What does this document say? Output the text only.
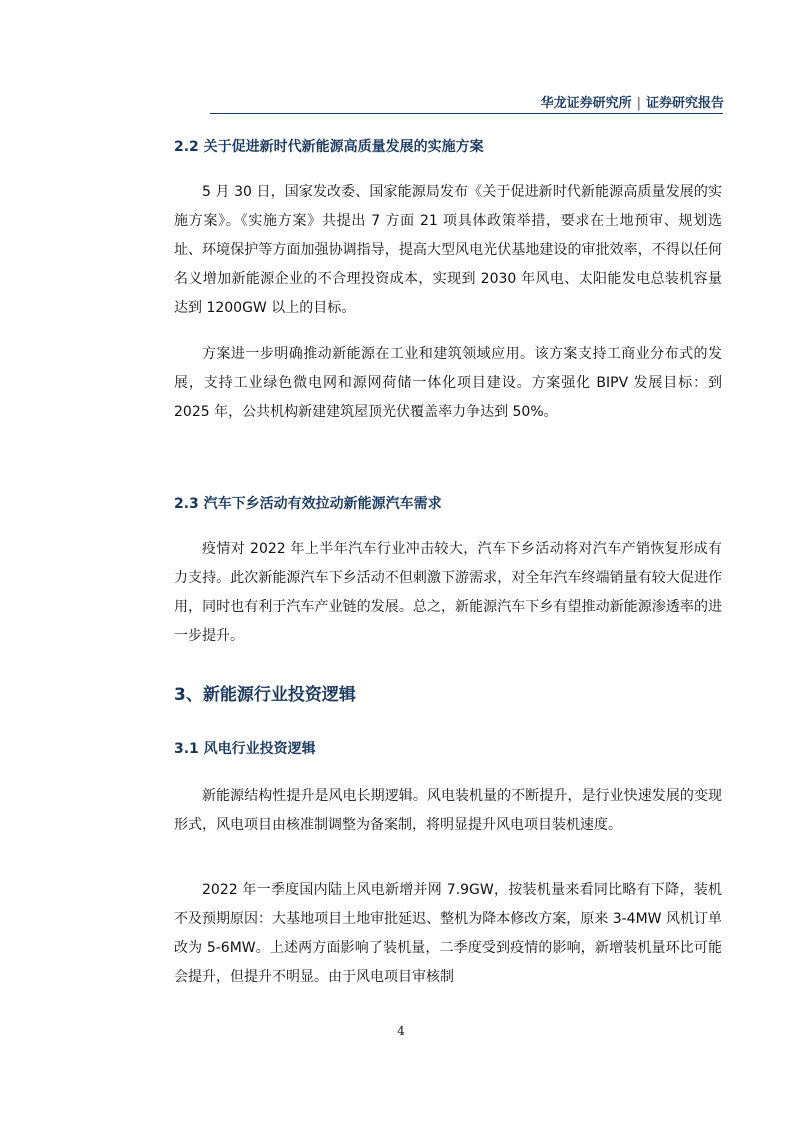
华龙证券研究所 | 证券研究报告
2.2 关于促进新时代新能源高质量发展的实施方案

5 月 30 日，国家发改委、国家能源局发布《关于促进新时代新能源高质量发展的实施方案》。《实施方案》共提出 7 方面 21 项具体政策举措，要求在土地预审、规划选址、环境保护等方面加强协调指导，提高大型风电光伏基地建设的审批效率，不得以任何名义增加新能源企业的不合理投资成本，实现到 2030 年风电、太阳能发电总装机容量达到 1200GW 以上的目标。

方案进一步明确推动新能源在工业和建筑领域应用。该方案支持工商业分布式的发展，支持工业绿色微电网和源网荷储一体化项目建设。方案强化 BIPV 发展目标：到 2025 年，公共机构新建建筑屋顶光伏覆盖率力争达到 50%。

2.3 汽车下乡活动有效拉动新能源汽车需求

疫情对 2022 年上半年汽车行业冲击较大，汽车下乡活动将对汽车产销恢复形成有力支持。此次新能源汽车下乡活动不但刺激下游需求，对全年汽车终端销量有较大促进作用，同时也有利于汽车产业链的发展。总之，新能源汽车下乡有望推动新能源渗透率的进一步提升。

3、新能源行业投资逻辑
3.1 风电行业投资逻辑

新能源结构性提升是风电长期逻辑。风电装机量的不断提升，是行业快速发展的变现形式，风电项目由核准制调整为备案制，将明显提升风电项目装机速度。

2022 年一季度国内陆上风电新增并网 7.9GW，按装机量来看同比略有下降，装机不及预期原因：大基地项目土地审批延迟、整机为降本修改方案，原来 3-4MW 风机订单改为 5-6MW。上述两方面影响了装机量，二季度受到疫情的影响，新增装机量环比可能会提升，但提升不明显。由于风电项目审核制

4
